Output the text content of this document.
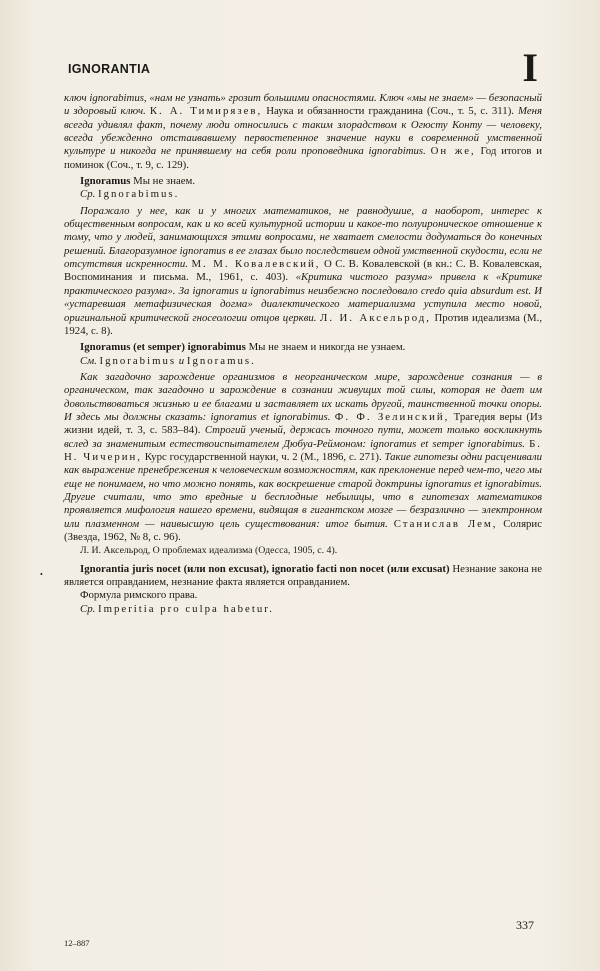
IGNORANTIA	I

ключ ignorabimus, «нам не узнать» грозит большими опасностями. Ключ «мы не знаем» — безопасный и здоровый ключ. К. А. Тимирязев, Наука и обязанности гражданина (Соч., т. 5, с. 311). Меня всегда удивлял факт, почему люди относились с таким злорадством к Огюсту Конту — человеку, всегда убежденно отстаивавшему первостепенное значение науки в современной умственной культуре и никогда не принявшему на себя роли проповедника ignorabimus. Он же, Год итогов и поминок (Соч., т. 9, с. 129).

Ignoramus Мы не знаем.

Ср. Ignorabimus.

Поражало у нее, как и у многих математиков, не равнодушие, а наоборот, интерес к общественным вопросам, как и ко всей культурной истории и какое-то полуироническое отношение к тому, что у людей, занимающихся этими вопросами, не хватает смелости додуматься до конечных решений. Благоразумное ignoramus в ее глазах было последствием одной умственной скудости, если не отсутствия искренности. М. М. Ковалевский, О С. В. Ковалевской (в кн.: С. В. Ковалевская, Воспоминания и письма. М., 1961, с. 403). «Критика чистого разума» привела к «Критике практического разума». За ignoramus и ignorabimus неизбежно последовало credo quia absurdum est. И «устаревшая метафизическая догма» диалектического материализма уступила место новой, оригинальной критической гносеологии отцов церкви. Л. И. Аксельрод, Против идеализма (М., 1924, с. 8).

Ignoramus (et semper) ignorabimus Мы не знаем и никогда не узнаем.

См. Ignorabimus и Ignoramus.

Как загадочно зарождение организмов в неорганическом мире, зарождение сознания — в органическом, так загадочно и зарождение в сознании живущих той силы, которая не дает им довольствоваться жизнью и ее благами и заставляет их искать другой, таинственной точки опоры. И здесь мы должны сказать: ignoramus et ignorabimus. Ф. Ф. Зелинский, Трагедия веры (Из жизни идей, т. 3, с. 583–84). Строгий ученый, держась точного пути, может только воскликнуть вслед за знаменитым естествоиспытателем Дюбуа-Реймоном: ignoramus et semper ignorabimus. Б. Н. Чичерин, Курс государственной науки, ч. 2 (М., 1896, с. 271). Такие гипотезы одни расценивали как выражение пренебрежения к человеческим возможностям, как преклонение перед чем-то, чего мы еще не понимаем, но что можно понять, как воскрешение старой доктрины ignoramus et ignorabimus. Другие считали, что это вредные и бесплодные небылицы, что в гипотезах математиков проявляется мифология нашего времени, видящая в гигантском мозге — безразлично — электронном или плазменном — наивысшую цель существования: итог бытия. Станислав Лем, Солярис (Звезда, 1962, № 8, с. 96).

Л. И. Аксельрод, О проблемах идеализма (Одесса, 1905, с. 4).

Ignorantia juris nocet (или non excusat), ignoratio facti non nocet (или excusat) Незнание закона не является оправданием, незнание факта является оправданием.

Формула римского права.

Ср. Imperitia pro culpa habetur.

•
337
12–887
